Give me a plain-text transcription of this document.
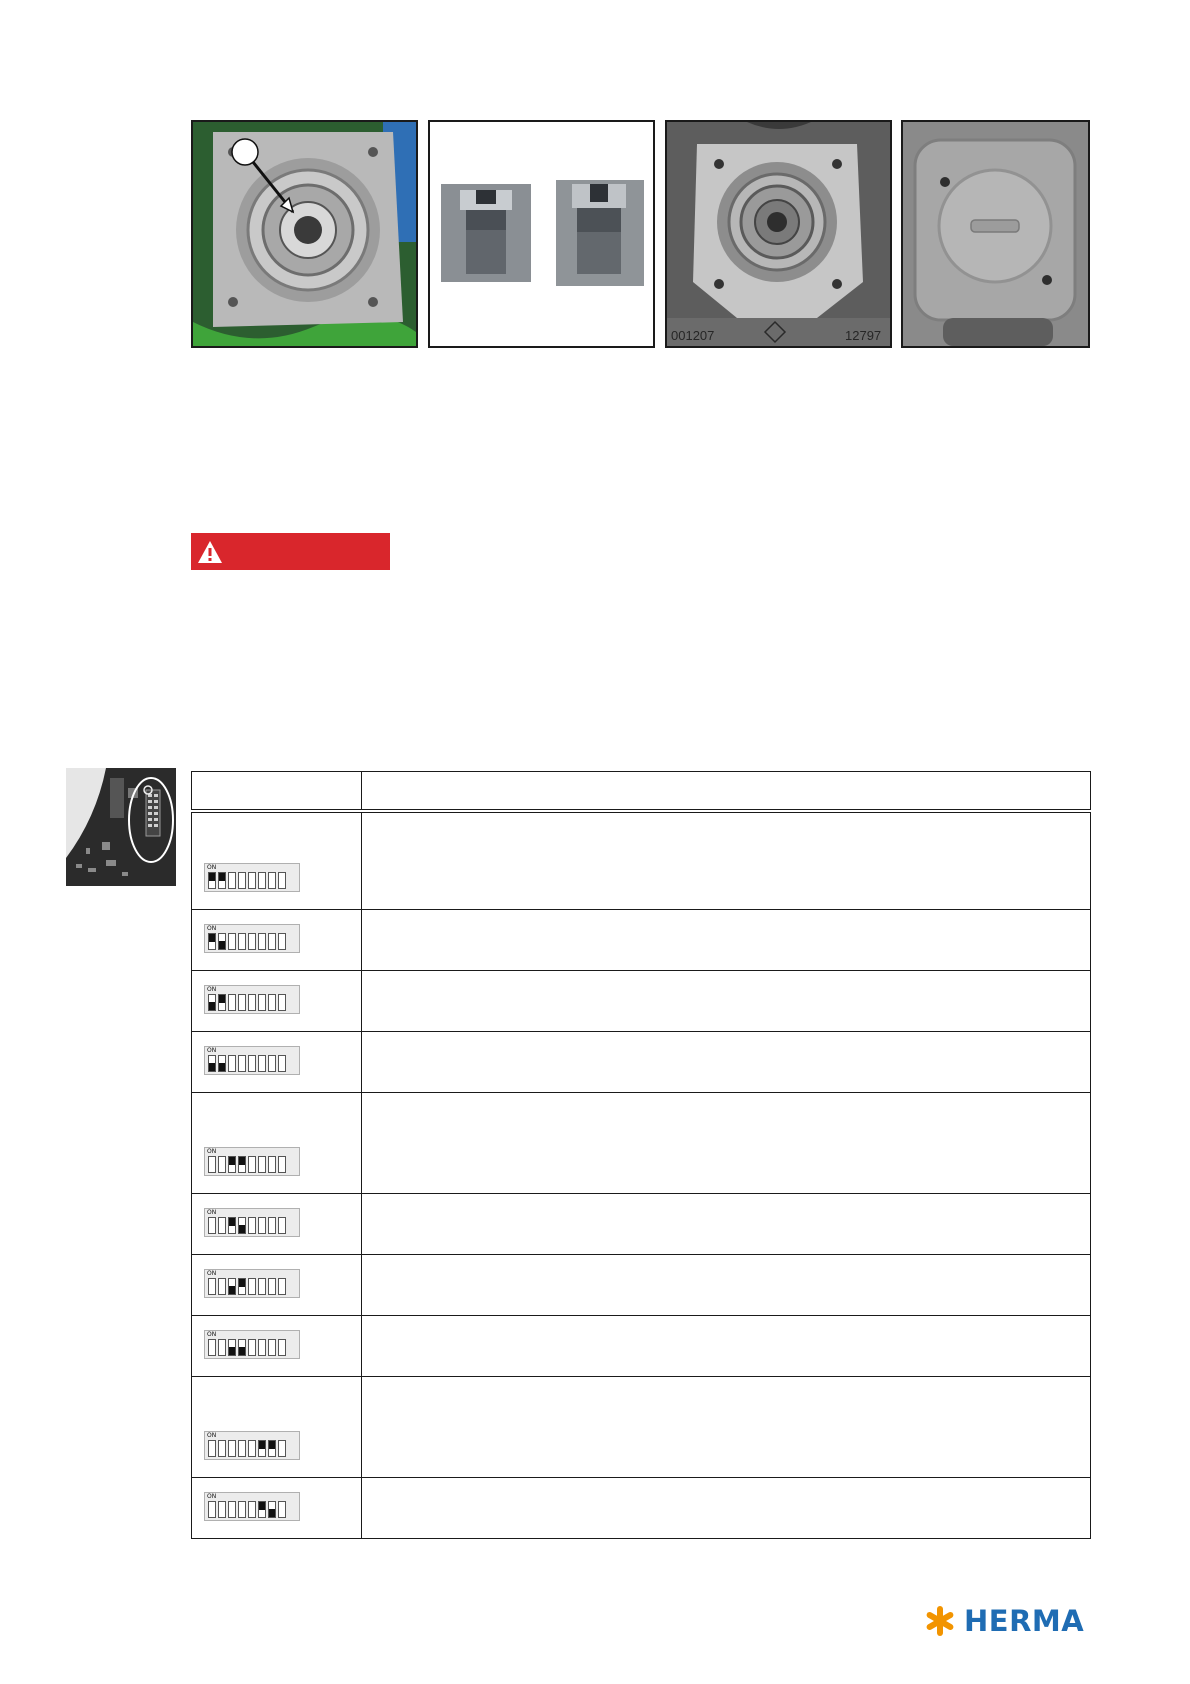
001207	12797

ON	

ON	

ON	

ON	

ON	

ON	

ON	

ON	

ON	

ON	

HERMA
